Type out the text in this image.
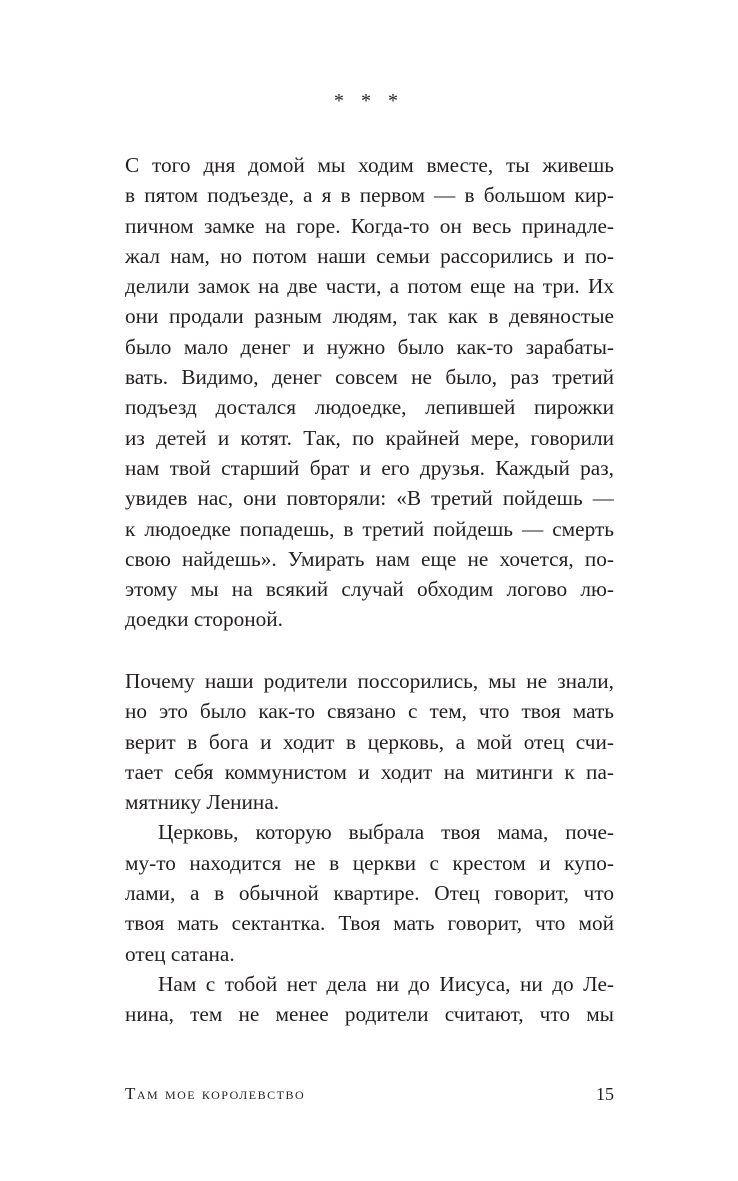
* * *
С того дня домой мы ходим вместе, ты живешь
в пятом подъезде, а я в первом — в большом кир-
пичном замке на горе. Когда-то он весь принадле-
жал нам, но потом наши семьи рассорились и по-
делили замок на две части, а потом еще на три. Их
они продали разным людям, так как в девяностые
было мало денег и нужно было как-то зарабаты-
вать. Видимо, денег совсем не было, раз третий
подъезд достался людоедке, лепившей пирожки
из детей и котят. Так, по крайней мере, говорили
нам твой старший брат и его друзья. Каждый раз,
увидев нас, они повторяли: «В третий пойдешь —
к людоедке попадешь, в третий пойдешь — смерть
свою найдешь». Умирать нам еще не хочется, по-
этому мы на всякий случай обходим логово лю-
доедки стороной.
Почему наши родители поссорились, мы не знали,
но это было как-то связано с тем, что твоя мать
верит в бога и ходит в церковь, а мой отец счи-
тает себя коммунистом и ходит на митинги к па-
мятнику Ленина.
Церковь, которую выбрала твоя мама, поче-
му-то находится не в церкви с крестом и купо-
лами, а в обычной квартире. Отец говорит, что
твоя мать сектантка. Твоя мать говорит, что мой
отец сатана.
Нам с тобой нет дела ни до Иисуса, ни до Ле-
нина, тем не менее родители считают, что мы
Там мое королевство	15
